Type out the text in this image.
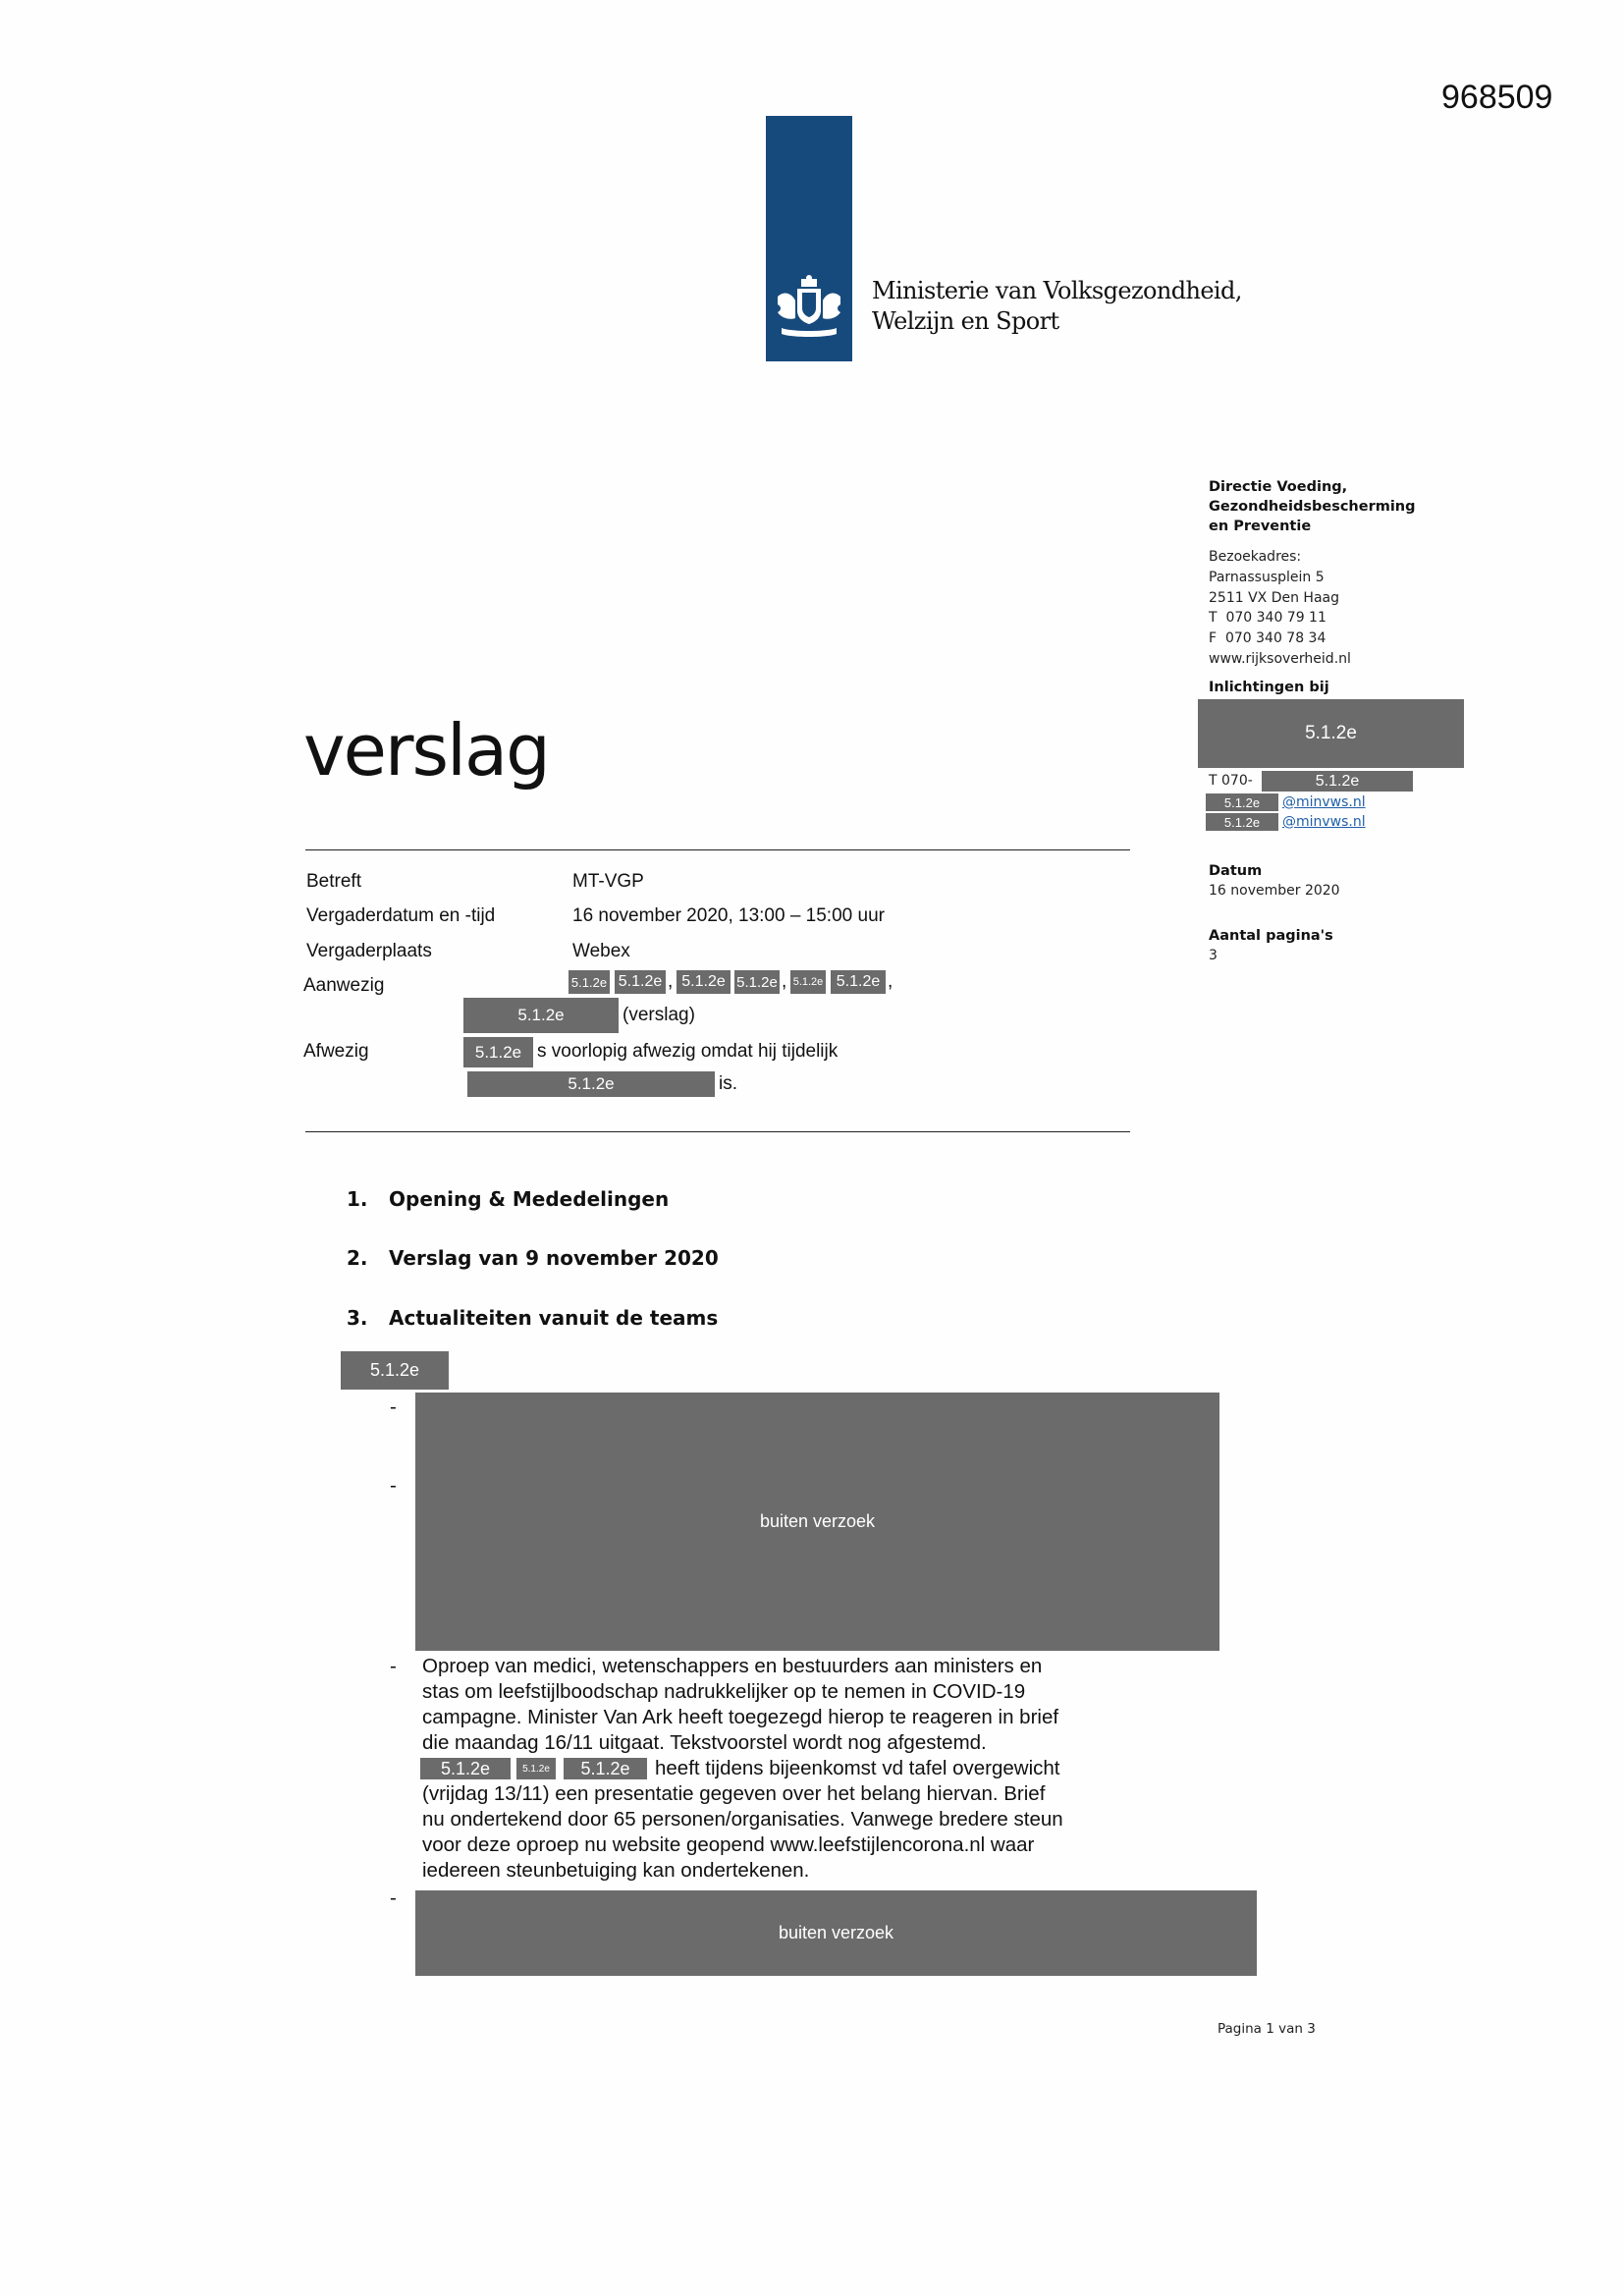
968509
Ministerie van Volksgezondheid,
Welzijn en Sport
Directie Voeding,
Gezondheidsbescherming
en Preventie
Bezoekadres:
Parnassusplein 5
2511 VX Den Haag
T  070 340 79 11
F  070 340 78 34
www.rijksoverheid.nl
Inlichtingen bij
5.1.2e
T 070-	5.1.2e
5.1.2e	@minvws.nl
5.1.2e	@minvws.nl
Datum
16 november 2020
Aantal pagina's
3
verslag
Betreft	MT-VGP
Vergaderdatum en -tijd	16 november 2020, 13:00 – 15:00 uur
Vergaderplaats	Webex
Aanwezig	5.1.2e 5.1.2e , 5.1.2e 5.1.2e , 5.1.2e 5.1.2e ,
5.1.2e	(verslag)
Afwezig	5.1.2e s voorlopig afwezig omdat hij tijdelijk
5.1.2e	is.
1. Opening & Mededelingen
2. Verslag van 9 november 2020
3. Actualiteiten vanuit de teams
5.1.2e
-
-
buiten verzoek
- Oproep van medici, wetenschappers en bestuurders aan ministers en
stas om leefstijlboodschap nadrukkelijker op te nemen in COVID-19
campagne. Minister Van Ark heeft toegezegd hierop te reageren in brief
die maandag 16/11 uitgaat. Tekstvoorstel wordt nog afgestemd.
5.1.2e	5.1.2e	5.1.2e	heeft tijdens bijeenkomst vd tafel overgewicht
(vrijdag 13/11) een presentatie gegeven over het belang hiervan. Brief
nu ondertekend door 65 personen/organisaties. Vanwege bredere steun
voor deze oproep nu website geopend www.leefstijlencorona.nl waar
iedereen steunbetuiging kan ondertekenen.
-
buiten verzoek
Pagina 1 van 3
